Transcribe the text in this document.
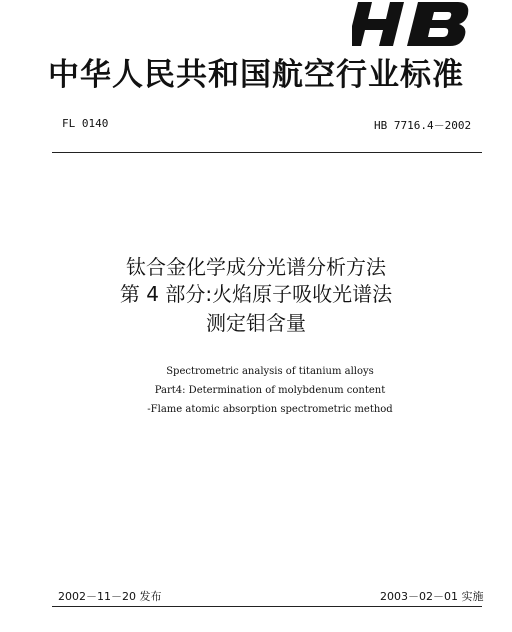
中华人民共和国航空行业标准
FL 0140	HB 7716.4－2002
钛合金化学成分光谱分析方法
第 4 部分:火焰原子吸收光谱法
测定钼含量
Spectrometric analysis of titanium alloys
Part4: Determination of molybdenum content
-Flame atomic absorption spectrometric method
2002－11－20 发布	2003－02－01 实施
